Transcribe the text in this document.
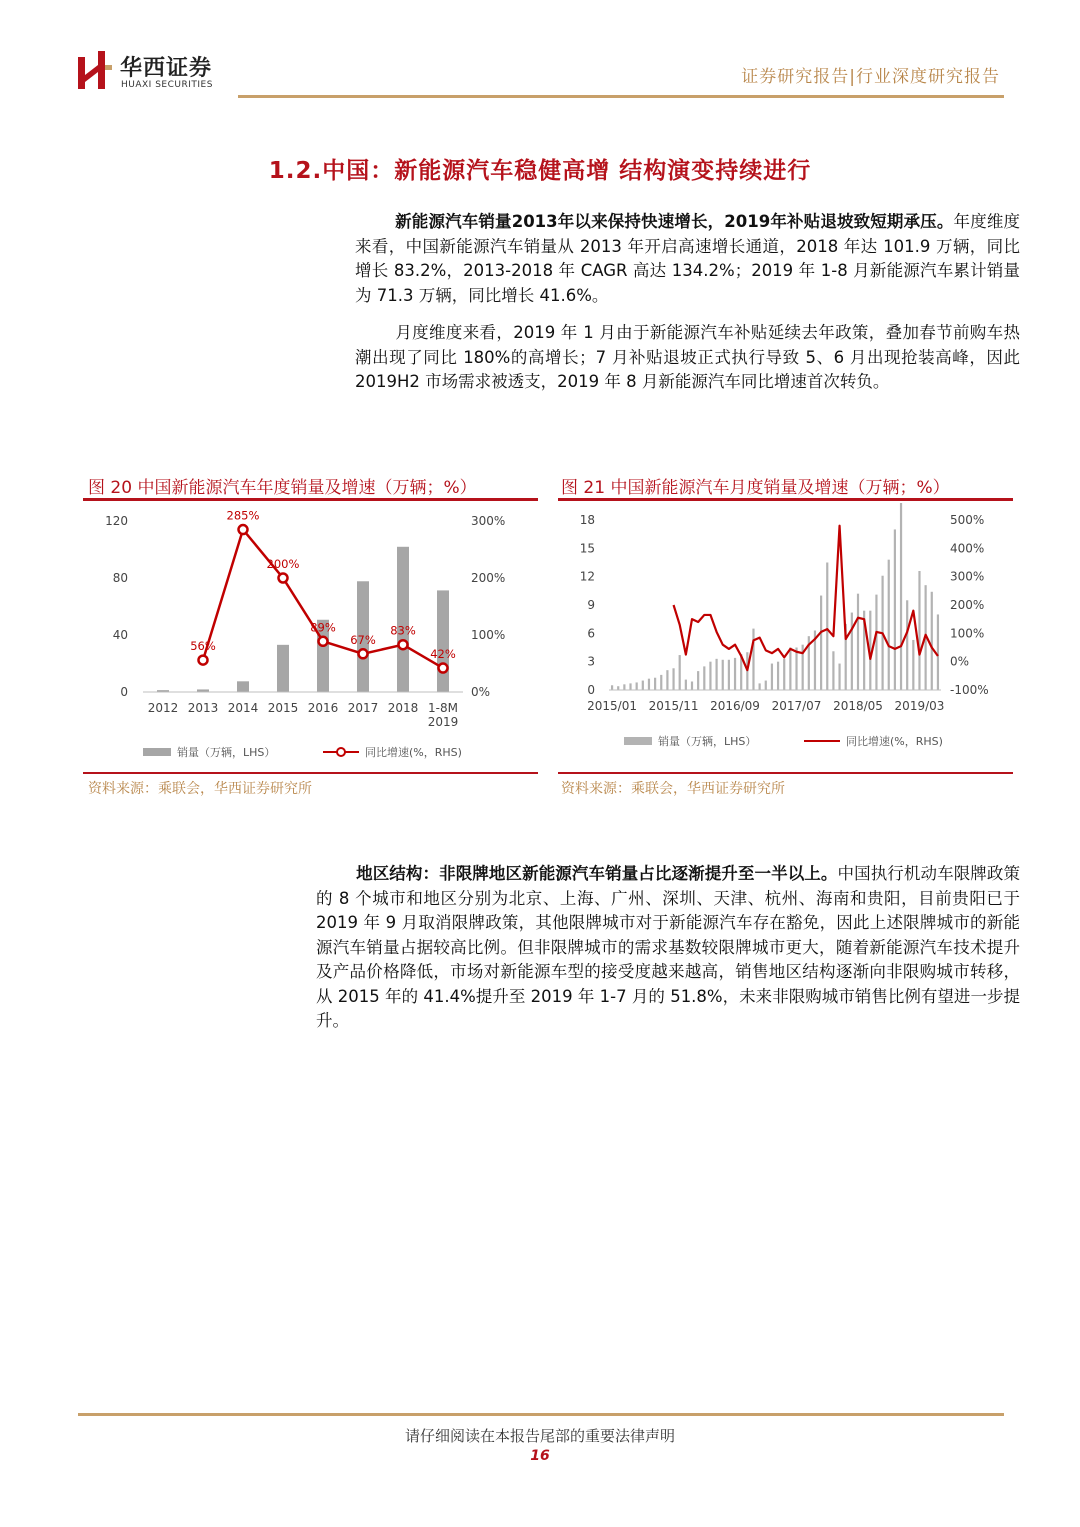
华西证券
HUAXI SECURITIES	证券研究报告|行业深度研究报告
1.2.中国：新能源汽车稳健高增 结构演变持续进行

新能源汽车销量2013年以来保持快速增长，2019年补贴退坡致短期承压。年度维度来看，中国新能源汽车销量从 2013 年开启高速增长通道，2018 年达 101.9 万辆，同比增长 83.2%，2013-2018 年 CAGR 高达 134.2%；2019 年 1-8 月新能源汽车累计销量为 71.3 万辆，同比增长 41.6%。

月度维度来看，2019 年 1 月由于新能源汽车补贴延续去年政策，叠加春节前购车热潮出现了同比 180%的高增长；7 月补贴退坡正式执行导致 5、6 月出现抢装高峰，因此 2019H2 市场需求被透支，2019 年 8 月新能源汽车同比增速首次转负。

图 20 中国新能源汽车年度销量及增速（万辆；%）	图 21 中国新能源汽车月度销量及增速（万辆；%）
56%
285%
200%
89%
67%
83%
42%
0
40
80
120
0%
100%
200%
300%
2012 2013 2014 2015 2016 2017 2018 1-8M
2019
销量（万辆，LHS）	同比增速(%，RHS)
0
3
6
9
12
15
18
-100%
0%
100%
200%
300%
400%
500%
2015/01 2015/11 2016/09 2017/07 2018/05 2019/03
销量（万辆，LHS）	同比增速(%，RHS)
资料来源：乘联会，华西证券研究所	资料来源：乘联会，华西证券研究所

地区结构：非限牌地区新能源汽车销量占比逐渐提升至一半以上。中国执行机动车限牌政策的 8 个城市和地区分别为北京、上海、广州、深圳、天津、杭州、海南和贵阳，目前贵阳已于 2019 年 9 月取消限牌政策，其他限牌城市对于新能源汽车存在豁免，因此上述限牌城市的新能源汽车销量占据较高比例。但非限牌城市的需求基数较限牌城市更大，随着新能源汽车技术提升及产品价格降低，市场对新能源车型的接受度越来越高，销售地区结构逐渐向非限购城市转移，从 2015 年的 41.4%提升至 2019 年 1-7 月的 51.8%，未来非限购城市销售比例有望进一步提升。

请仔细阅读在本报告尾部的重要法律声明
16
